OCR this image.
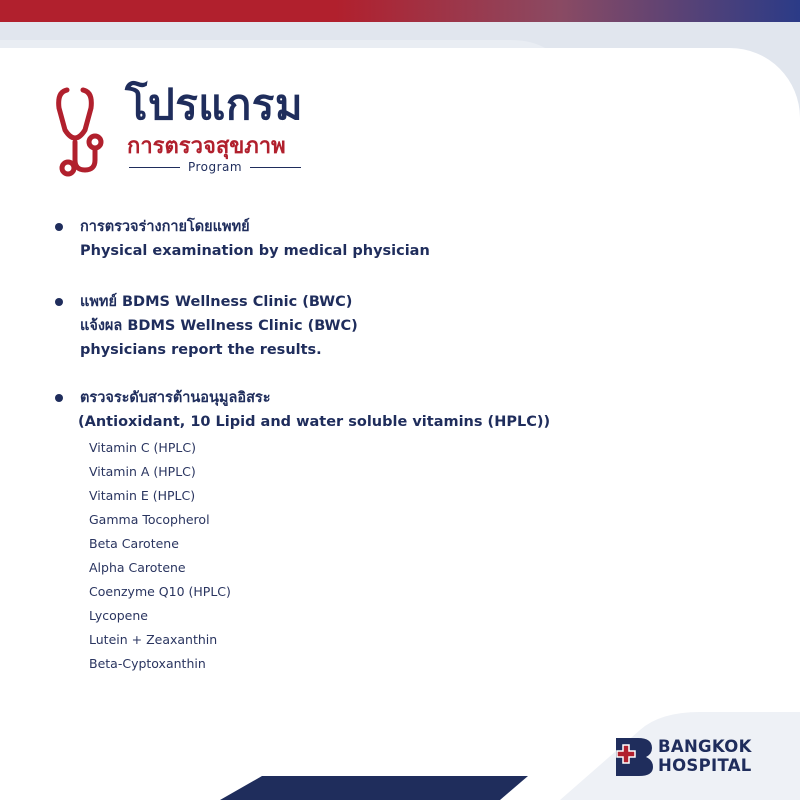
โปรแกรม
การตรวจสุขภาพ
Program
การตรวจร่างกายโดยแพทย์
Physical examination by medical physician
แพทย์ BDMS Wellness Clinic (BWC)
แจ้งผล BDMS Wellness Clinic (BWC)
physicians report the results.
ตรวจระดับสารต้านอนุมูลอิสระ
(Antioxidant, 10 Lipid and water soluble vitamins (HPLC))
Vitamin C (HPLC)
Vitamin A (HPLC)
Vitamin E (HPLC)
Gamma Tocopherol
Beta Carotene
Alpha Carotene
Coenzyme Q10 (HPLC)
Lycopene
Lutein + Zeaxanthin
Beta-Cyptoxanthin
BANGKOK
HOSPITAL
